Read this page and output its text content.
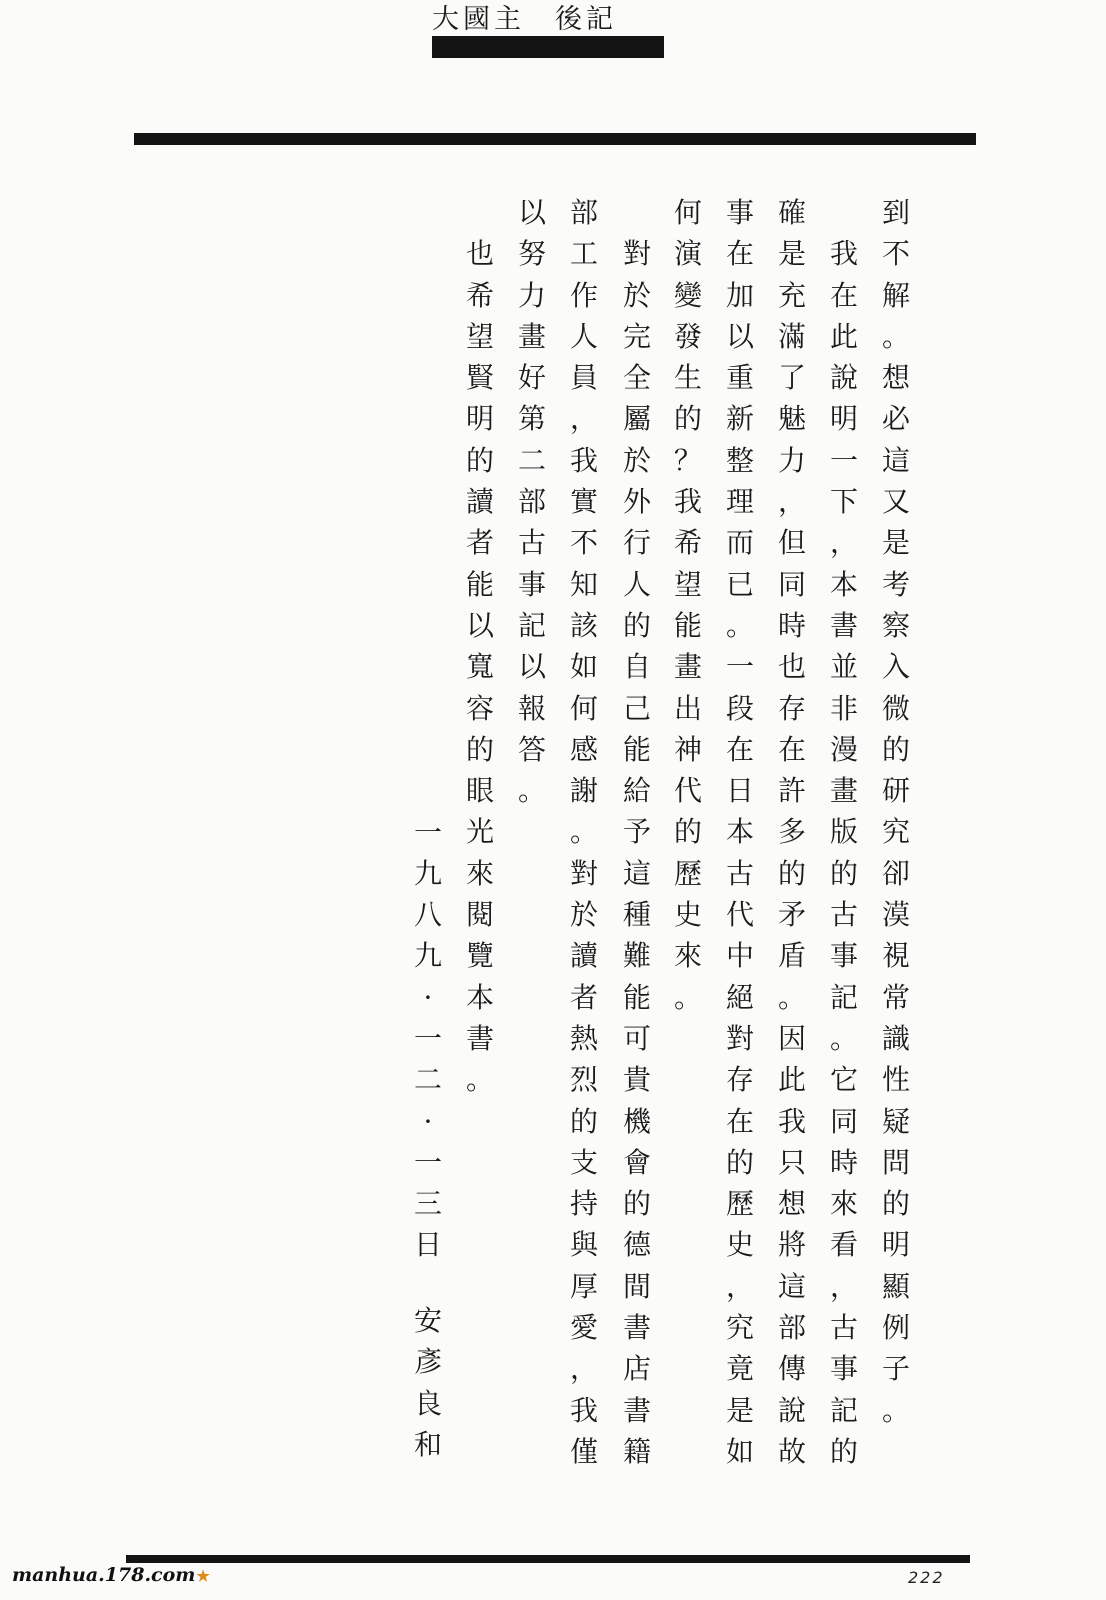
大國主 後記
到
不
解
。
想
必
這
又
是
考
察
入
微
的
研
究
卻
漠
視
常
識
性
疑
問
的
明
顯
例
子
。
我
在
此
說
明
一
下
，
本
書
並
非
漫
畫
版
的
古
事
記
。
它
同
時
來
看
，
古
事
記
的
確
是
充
滿
了
魅
力
，
但
同
時
也
存
在
許
多
的
矛
盾
。
因
此
我
只
想
將
這
部
傳
說
故
事
在
加
以
重
新
整
理
而
已
。
一
段
在
日
本
古
代
中
絕
對
存
在
的
歷
史
，
究
竟
是
如
何
演
變
發
生
的
？
我
希
望
能
畫
出
神
代
的
歷
史
來
。
對
於
完
全
屬
於
外
行
人
的
自
己
能
給
予
這
種
難
能
可
貴
機
會
的
德
間
書
店
書
籍
部
工
作
人
員
，
我
實
不
知
該
如
何
感
謝
。
對
於
讀
者
熱
烈
的
支
持
與
厚
愛
，
我
僅
以
努
力
畫
好
第
二
部
古
事
記
以
報
答
。
也
希
望
賢
明
的
讀
者
能
以
寬
容
的
眼
光
來
閱
覽
本
書
。
一
九
八
九
·
一
二
·
一
三
日
安
彥
良
和
manhua.178.com★	222
